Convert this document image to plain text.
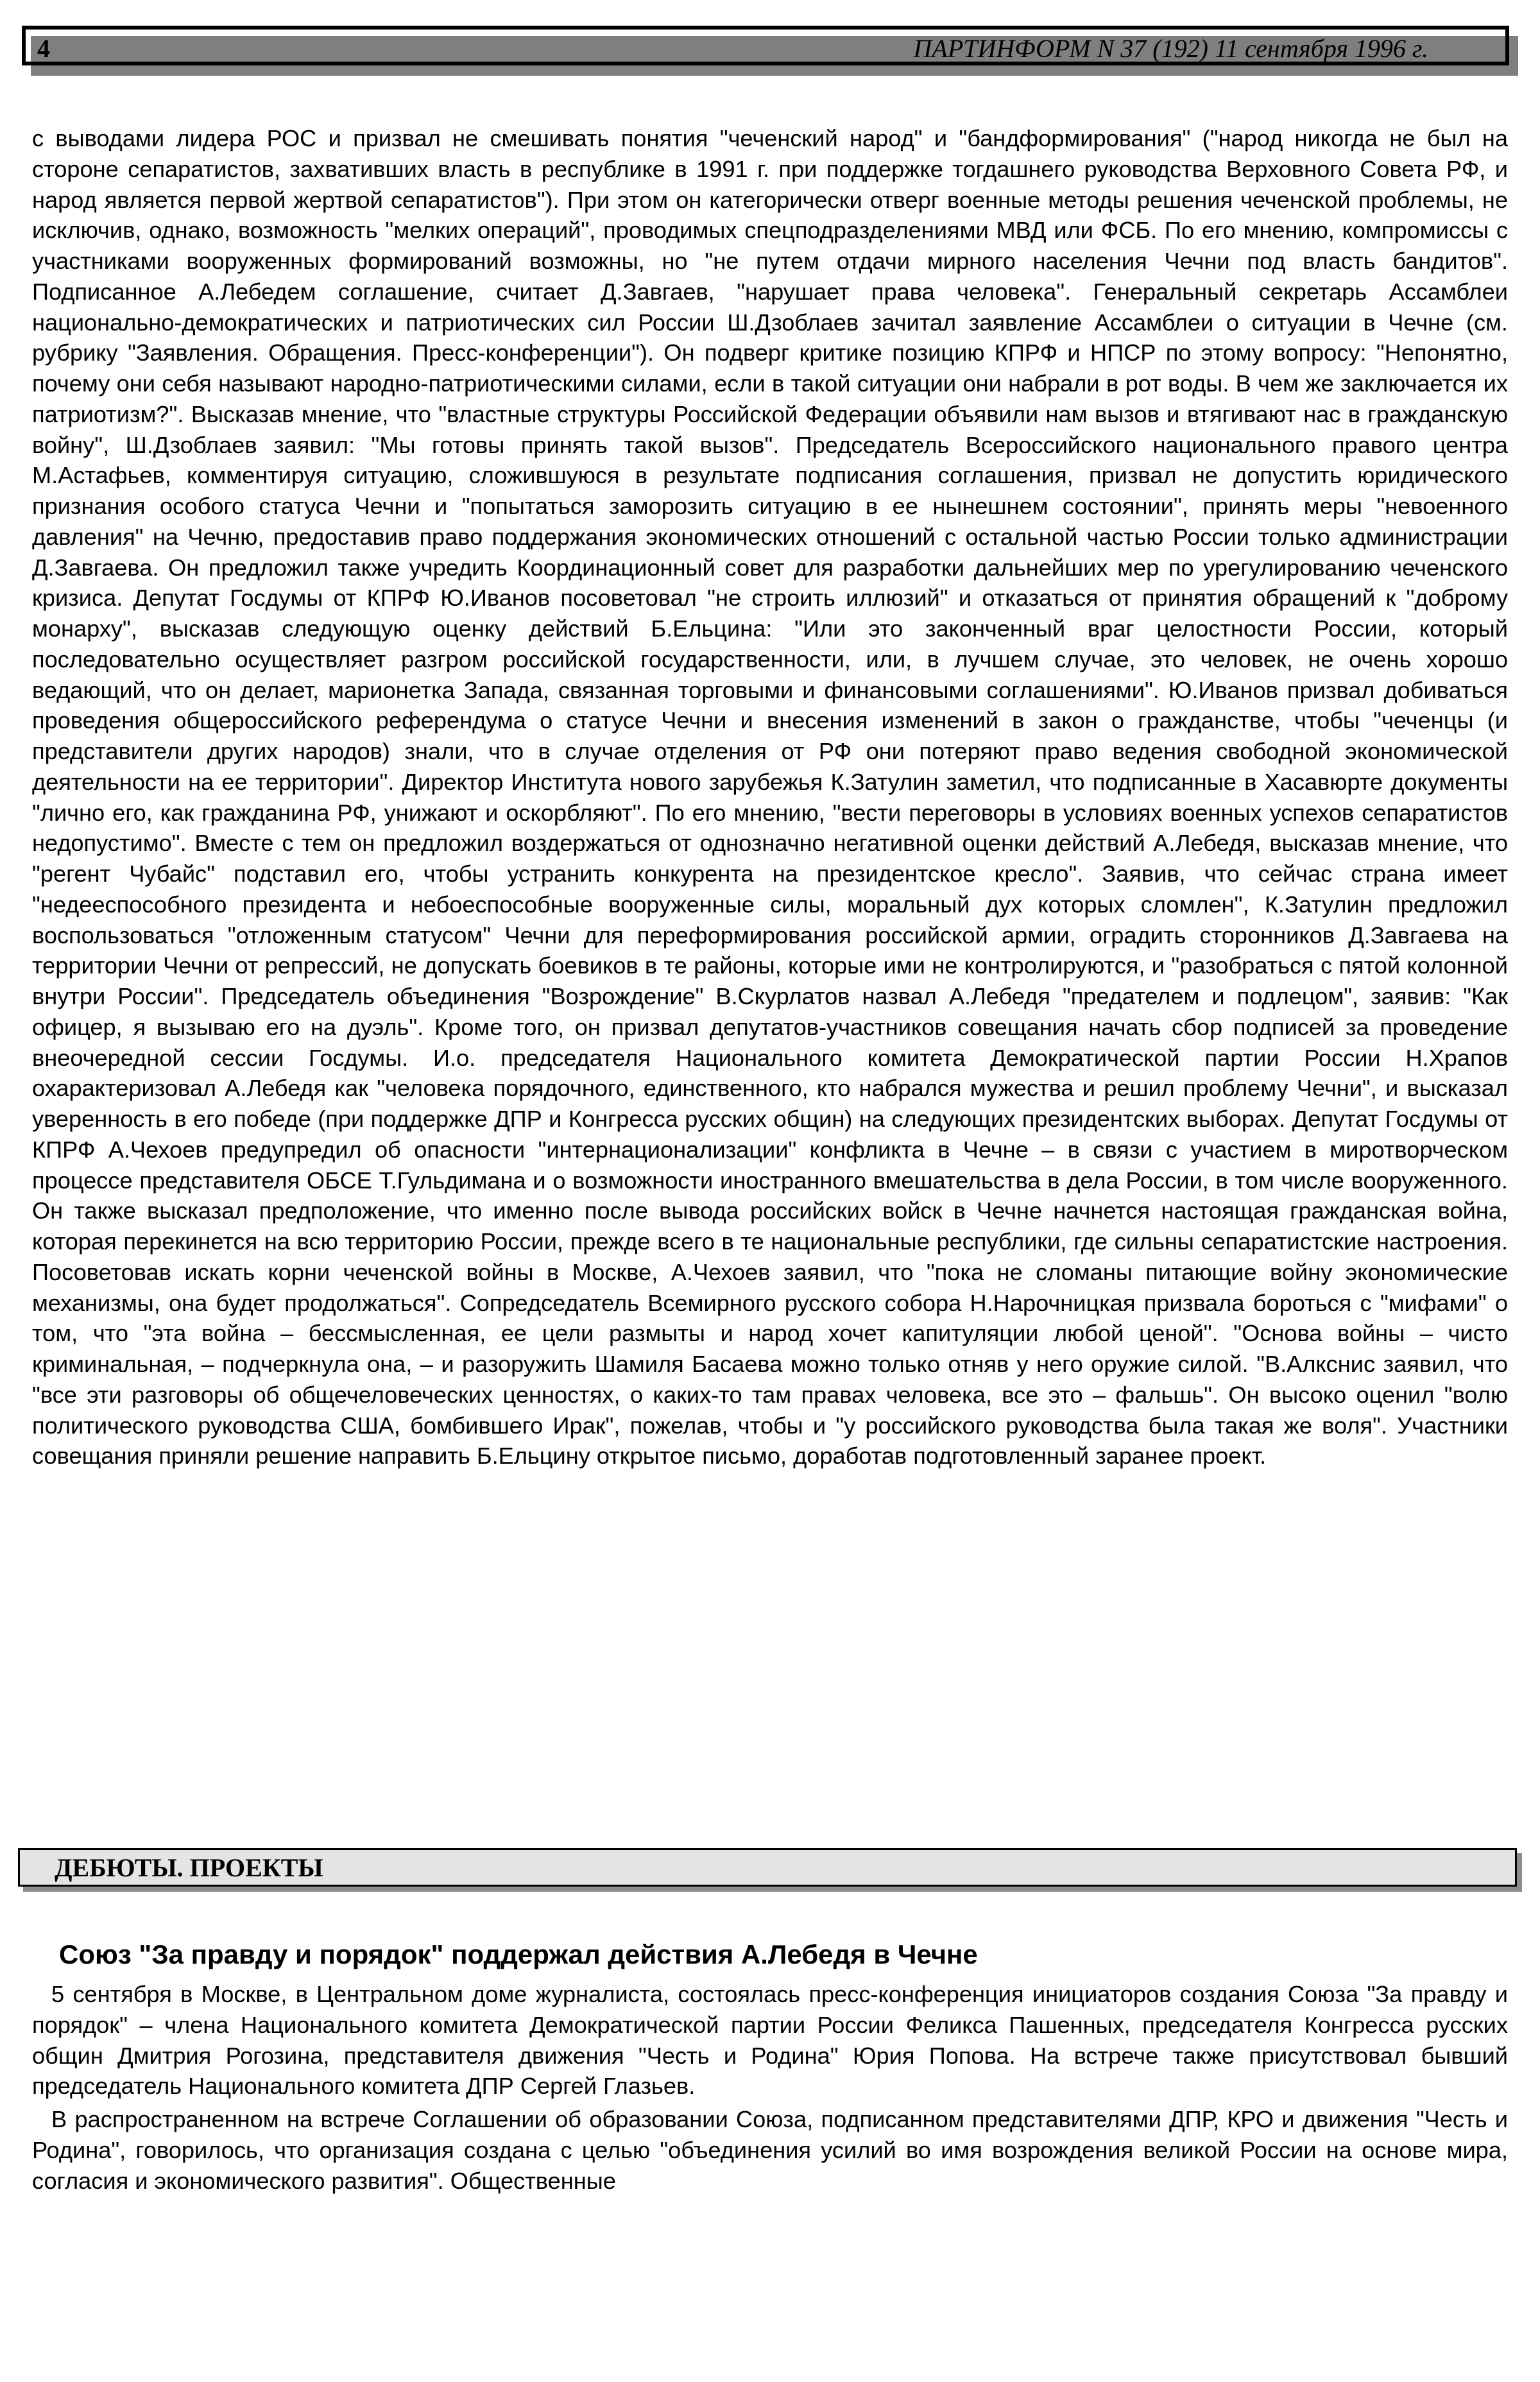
4	ПАРТИНФОРМ N 37 (192) 11 сентября 1996 г.

с выводами лидера РОС и призвал не смешивать понятия "чеченский народ" и "бандформирования" ("народ никогда не был на стороне сепаратистов, захвативших власть в республике в 1991 г. при поддержке тогдашнего руководства Верховного Совета РФ, и народ является первой жертвой сепаратистов"). При этом он категорически отверг военные методы решения чеченской проблемы, не исключив, однако, возможность "мелких операций", проводимых спецподразделениями МВД или ФСБ. По его мнению, компромиссы с участниками вооруженных формирований возможны, но "не путем отдачи мирного населения Чечни под власть бандитов". Подписанное А.Лебедем соглашение, считает Д.Завгаев, "нарушает права человека". Генеральный секретарь Ассамблеи национально-демократических и патриотических сил России Ш.Дзоблаев зачитал заявление Ассамблеи о ситуации в Чечне (см. рубрику "Заявления. Обращения. Пресс-конференции"). Он подверг критике позицию КПРФ и НПСР по этому вопросу: "Непонятно, почему они себя называют народно-патриотическими силами, если в такой ситуации они набрали в рот воды. В чем же заключается их патриотизм?". Высказав мнение, что "властные структуры Российской Федерации объявили нам вызов и втягивают нас в гражданскую войну", Ш.Дзоблаев заявил: "Мы готовы принять такой вызов". Председатель Всероссийского национального правого центра М.Астафьев, комментируя ситуацию, сложившуюся в результате подписания соглашения, призвал не допустить юридического признания особого статуса Чечни и "попытаться заморозить ситуацию в ее нынешнем состоянии", принять меры "невоенного давления" на Чечню, предоставив право поддержания экономических отношений с остальной частью России только администрации Д.Завгаева. Он предложил также учредить Координационный совет для разработки дальнейших мер по урегулированию чеченского кризиса. Депутат Госдумы от КПРФ Ю.Иванов посоветовал "не строить иллюзий" и отказаться от принятия обращений к "доброму монарху", высказав следующую оценку действий Б.Ельцина: "Или это законченный враг целостности России, который последовательно осуществляет разгром российской государственности, или, в лучшем случае, это человек, не очень хорошо ведающий, что он делает, марионетка Запада, связанная торговыми и финансовыми соглашениями". Ю.Иванов призвал добиваться проведения общероссийского референдума о статусе Чечни и внесения изменений в закон о гражданстве, чтобы "чеченцы (и представители других народов) знали, что в случае отделения от РФ они потеряют право ведения свободной экономической деятельности на ее территории". Директор Института нового зарубежья К.Затулин заметил, что подписанные в Хасавюрте документы "лично его, как гражданина РФ, унижают и оскорбляют". По его мнению, "вести переговоры в условиях военных успехов сепаратистов недопустимо". Вместе с тем он предложил воздержаться от однозначно негативной оценки действий А.Лебедя, высказав мнение, что "регент Чубайс" подставил его, чтобы устранить конкурента на президентское кресло". Заявив, что сейчас страна имеет "недееспособного президента и небоеспособные вооруженные силы, моральный дух которых сломлен", К.Затулин предложил воспользоваться "отложенным статусом" Чечни для переформирования российской армии, оградить сторонников Д.Завгаева на территории Чечни от репрессий, не допускать боевиков в те районы, которые ими не контролируются, и "разобраться с пятой колонной внутри России". Председатель объединения "Возрождение" В.Скурлатов назвал А.Лебедя "предателем и подлецом", заявив: "Как офицер, я вызываю его на дуэль". Кроме того, он призвал депутатов-участников совещания начать сбор подписей за проведение внеочередной сессии Госдумы. И.о. председателя Национального комитета Демократической партии России Н.Храпов охарактеризовал А.Лебедя как "человека порядочного, единственного, кто набрался мужества и решил проблему Чечни", и высказал уверенность в его победе (при поддержке ДПР и Конгресса русских общин) на следующих президентских выборах. Депутат Госдумы от КПРФ А.Чехоев предупредил об опасности "интернационализации" конфликта в Чечне – в связи с участием в миротворческом процессе представителя ОБСЕ Т.Гульдимана и о возможности иностранного вмешательства в дела России, в том числе вооруженного. Он также высказал предположение, что именно после вывода российских войск в Чечне начнется настоящая гражданская война, которая перекинется на всю территорию России, прежде всего в те национальные республики, где сильны сепаратистские настроения. Посоветовав искать корни чеченской войны в Москве, А.Чехоев заявил, что "пока не сломаны питающие войну экономические механизмы, она будет продолжаться". Сопредседатель Всемирного русского собора Н.Нарочницкая призвала бороться с "мифами" о том, что "эта война – бессмысленная, ее цели размыты и народ хочет капитуляции любой ценой". "Основа войны – чисто криминальная, – подчеркнула она, – и разоружить Шамиля Басаева можно только отняв у него оружие силой. "В.Алкснис заявил, что "все эти разговоры об общечеловеческих ценностях, о каких-то там правах человека, все это – фальшь". Он высоко оценил "волю политического руководства США, бомбившего Ирак", пожелав, чтобы и "у российского руководства была такая же воля". Участники совещания приняли решение направить Б.Ельцину открытое письмо, доработав подготовленный заранее проект.

ДЕБЮТЫ. ПРОЕКТЫ
Союз "За правду и порядок" поддержал действия А.Лебедя в Чечне

5 сентября в Москве, в Центральном доме журналиста, состоялась пресс-конференция инициаторов создания Союза "За правду и порядок" – члена Национального комитета Демократической партии России Феликса Пашенных, председателя Конгресса русских общин Дмитрия Рогозина, представителя движения "Честь и Родина" Юрия Попова. На встрече также присутствовал бывший председатель Национального комитета ДПР Сергей Глазьев.

В распространенном на встрече Соглашении об образовании Союза, подписанном представителями ДПР, КРО и движения "Честь и Родина", говорилось, что организация создана с целью "объединения усилий во имя возрождения великой России на основе мира, согласия и экономического развития". Общественные
